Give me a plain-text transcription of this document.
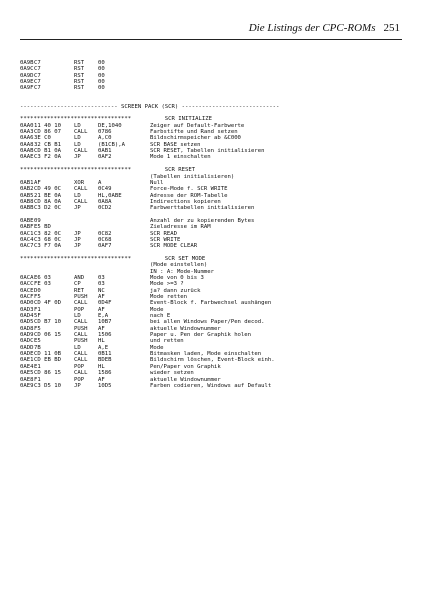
Die Listings der CPC-ROMs 251
0A9B C7	RST	00
0A9C C7	RST	00
0A9D C7	RST	00
0A9E C7	RST	00
0A9F C7	RST	00
----------------------------- SCREEN PACK (SCR) -----------------------------
*********************************          SCR INITIALIZE
0AA0 11 40 10	LD	DE,1040	Zeiger auf Default-Farbwerte
0AA3 CD 86 07	CALL	0786	Farbstifte und Rand setzen
0AA6 3E C0	LD	A,C0	Bildschirmspeicher ab &C000
0AA8 32 CB B1	LD	(B1CB),A	SCR BASE setzen
0AAB CD B1 0A	CALL	0AB1	SCR RESET, Tabellen initialisieren
0AAE C3 F2 0A	JP	0AF2	Mode 1 einschalten
*********************************          SCR RESET
(Tabellen initialisieren)
0AB1 AF	XOR	A	Null
0AB2 CD 49 0C	CALL	0C49	Force-Mode f. SCR WRITE
0AB5 21 BE 0A	LD	HL,0ABE	Adresse der ROM-Tabelle
0AB8 CD 8A 0A	CALL	0A8A	Indirections kopieren
0ABB C3 D2 0C	JP	0CD2	Farbwerttabellen initialisieren
0ABE 09	Anzahl der zu kopierenden Bytes
0ABF E5 BD	Zieladresse im RAM
0AC1 C3 82 0C	JP	0C82	SCR READ
0AC4 C3 68 0C	JP	0C68	SCR WRITE
0AC7 C3 F7 0A	JP	0AF7	SCR MODE CLEAR
*********************************          SCR SET MODE
(Mode einstellen)
IN : A: Mode-Nummer
0ACA E6 03	AND	03	Mode von 0 bis 3
0ACC FE 03	CP	03	Mode >=3 ?
0ACE D0	RET	NC	ja? dann zurück
0ACF F5	PUSH	AF	Mode retten
0AD0 CD 4F 0D	CALL	0D4F	Event-Block f. Farbwechsel aushängen
0AD3 F1	POP	AF	Mode
0AD4 5F	LD	E,A	nach E
0AD5 CD B7 10	CALL	10B7	bei allen Windows Paper/Pen decod.
0AD8 F5	PUSH	AF	aktuelle Windownummer
0AD9 CD 06 15	CALL	1506	Paper u. Pen der Graphik holen
0ADC E5	PUSH	HL	und retten
0ADD 7B	LD	A,E	Mode
0ADE CD 11 0B	CALL	0B11	Bitmasken laden, Mode einschalten
0AE1 CD EB BD	CALL	BDEB	Bildschirm löschen, Event-Block einh.
0AE4 E1	POP	HL	Pen/Paper von Graphik
0AE5 CD 86 15	CALL	1586	wieder setzen
0AE8 F1	POP	AF	aktuelle Windownummer
0AE9 C3 D5 10	JP	10D5	Farben codieren, Windows auf Default
